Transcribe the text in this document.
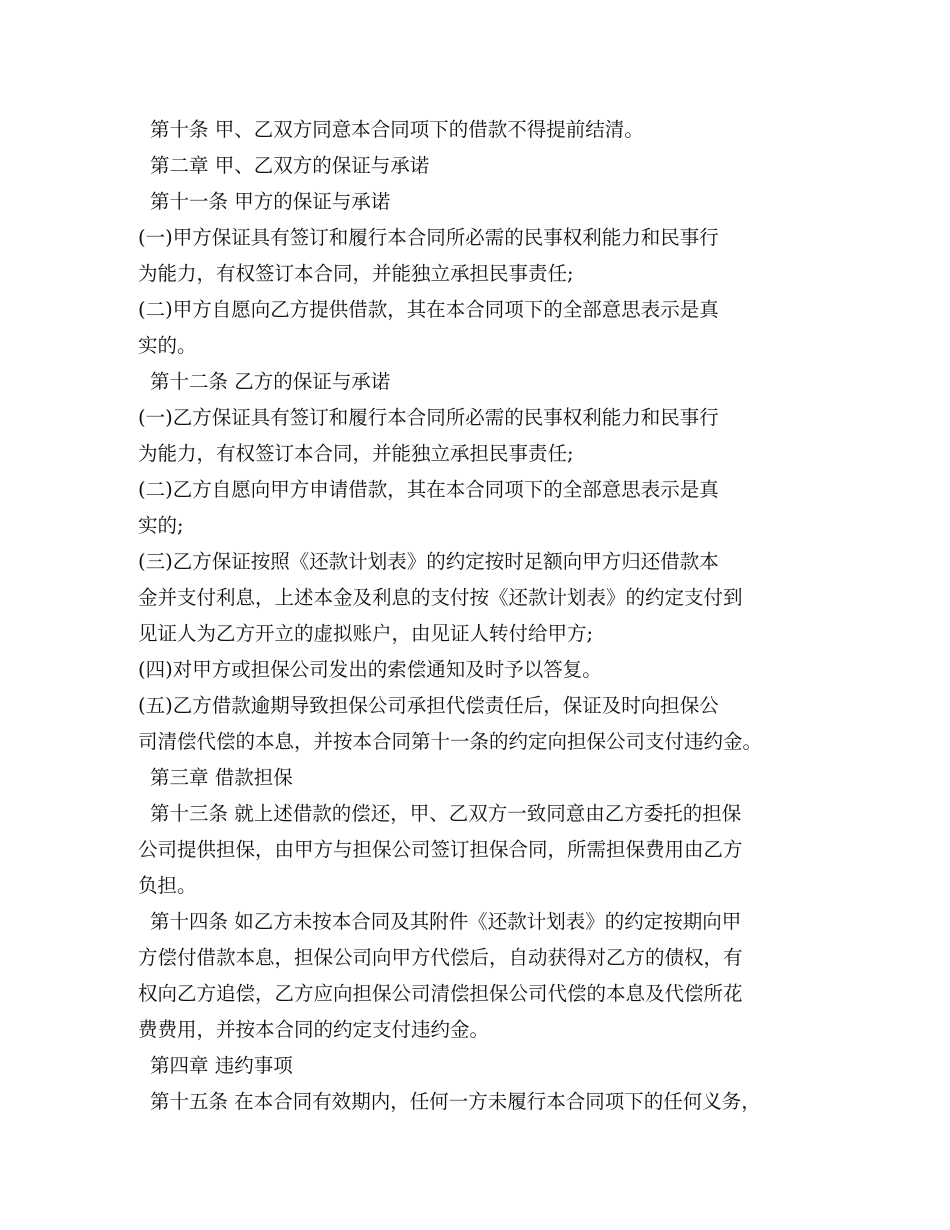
第十条 甲、乙双方同意本合同项下的借款不得提前结清。

第二章 甲、乙双方的保证与承诺

第十一条 甲方的保证与承诺

(一)甲方保证具有签订和履行本合同所必需的民事权利能力和民事行

为能力，有权签订本合同，并能独立承担民事责任;

(二)甲方自愿向乙方提供借款，其在本合同项下的全部意思表示是真

实的。

第十二条 乙方的保证与承诺

(一)乙方保证具有签订和履行本合同所必需的民事权利能力和民事行

为能力，有权签订本合同，并能独立承担民事责任;

(二)乙方自愿向甲方申请借款，其在本合同项下的全部意思表示是真

实的;

(三)乙方保证按照《还款计划表》的约定按时足额向甲方归还借款本

金并支付利息，上述本金及利息的支付按《还款计划表》的约定支付到

见证人为乙方开立的虚拟账户，由见证人转付给甲方;

(四)对甲方或担保公司发出的索偿通知及时予以答复。

(五)乙方借款逾期导致担保公司承担代偿责任后，保证及时向担保公

司清偿代偿的本息，并按本合同第十一条的约定向担保公司支付违约金。

第三章 借款担保

第十三条 就上述借款的偿还，甲、乙双方一致同意由乙方委托的担保

公司提供担保，由甲方与担保公司签订担保合同，所需担保费用由乙方

负担。

第十四条 如乙方未按本合同及其附件《还款计划表》的约定按期向甲

方偿付借款本息，担保公司向甲方代偿后，自动获得对乙方的债权，有

权向乙方追偿，乙方应向担保公司清偿担保公司代偿的本息及代偿所花

费费用，并按本合同的约定支付违约金。

第四章 违约事项

第十五条 在本合同有效期内，任何一方未履行本合同项下的任何义务，
